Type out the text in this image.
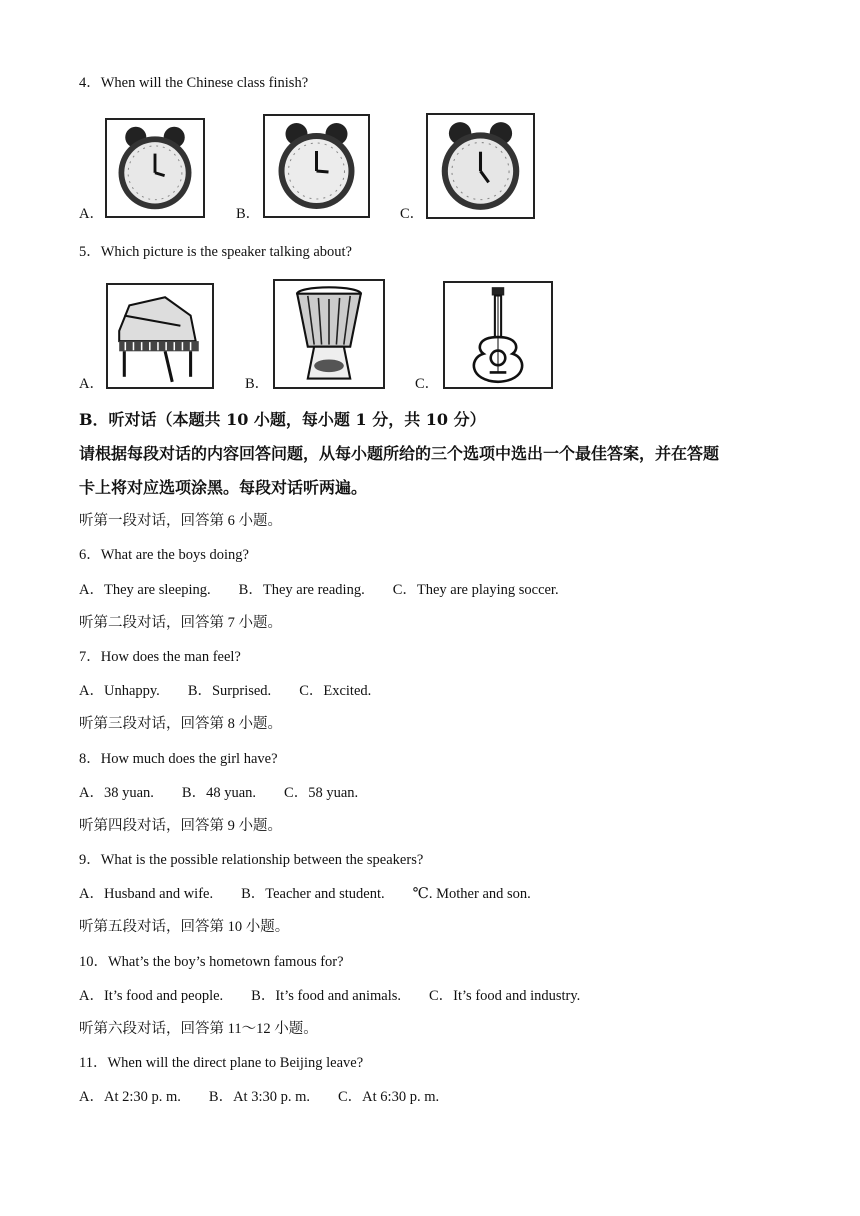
4．When will the Chinese class finish?
A．	B．	C．
5．Which picture is the speaker talking about?
A．	B．	C．
B．听对话（本题共 10 小题，每小题 1 分，共 10 分）
请根据每段对话的内容回答问题，从每小题所给的三个选项中选出一个最佳答案，并在答题
卡上将对应选项涂黑。每段对话听两遍。
听第一段对话，回答第 6 小题。
6．What are the boys doing?
A．They are sleeping. B．They are reading. C．They are playing soccer.
听第二段对话，回答第 7 小题。
7．How does the man feel?
A．Unhappy. B．Surprised. C．Excited.
听第三段对话，回答第 8 小题。
8．How much does the girl have?
A．38 yuan. B．48 yuan. C．58 yuan.
听第四段对话，回答第 9 小题。
9．What is the possible relationship between the speakers?
A．Husband and wife. B．Teacher and student. ℃. Mother and son.
听第五段对话，回答第 10 小题。
10．What’s the boy’s hometown famous for?
A．It’s food and people. B．It’s food and animals. C．It’s food and industry.
听第六段对话，回答第 11～12 小题。
11．When will the direct plane to Beijing leave?
A．At 2:30 p. m. B．At 3:30 p. m. C．At 6:30 p. m.
